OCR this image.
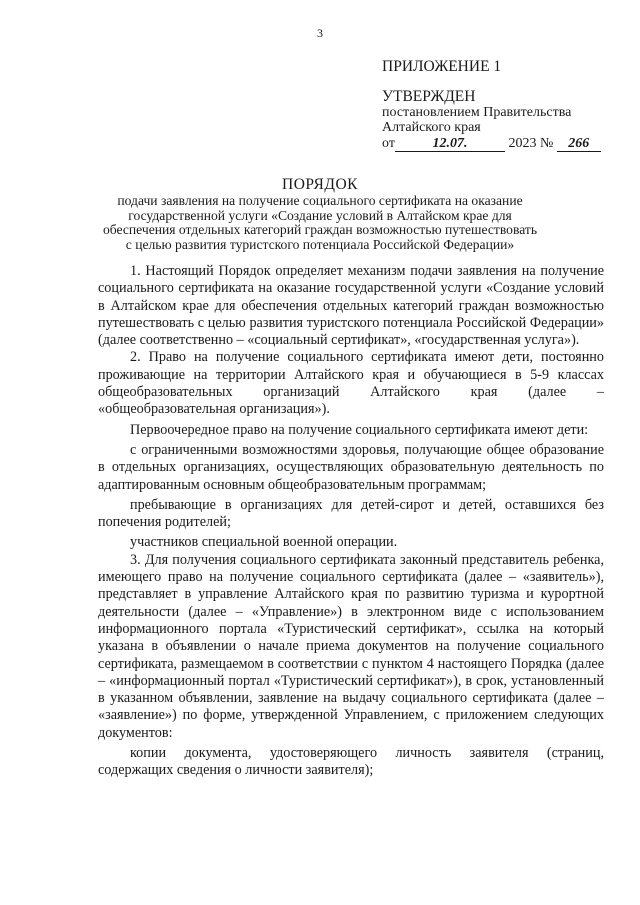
3
ПРИЛОЖЕНИЕ 1
УТВЕРЖДЕН
постановлением Правительства
Алтайского края
от	12.07.	2023 № 266
ПОРЯДОК
подачи заявления на получение социального сертификата на оказание государственной услуги «Создание условий в Алтайском крае для обеспечения отдельных категорий граждан возможностью путешествовать с целью развития туристского потенциала Российской Федерации»

1. Настоящий Порядок определяет механизм подачи заявления на получение социального сертификата на оказание государственной услуги «Создание условий в Алтайском крае для обеспечения отдельных категорий граждан возможностью путешествовать с целью развития туристского потенциала Российской Федерации» (далее соответственно – «социальный сертификат», «государственная услуга»).

2. Право на получение социального сертификата имеют дети, постоянно проживающие на территории Алтайского края и обучающиеся в 5-9 классах общеобразовательных организаций Алтайского края (далее – «общеобразовательная организация»).

Первоочередное право на получение социального сертификата имеют дети:

с ограниченными возможностями здоровья, получающие общее образование в отдельных организациях, осуществляющих образовательную деятельность по адаптированным основным общеобразовательным программам;

пребывающие в организациях для детей-сирот и детей, оставшихся без попечения родителей;

участников специальной военной операции.

3. Для получения социального сертификата законный представитель ребенка, имеющего право на получение социального сертификата (далее – «заявитель»), представляет в управление Алтайского края по развитию туризма и курортной деятельности (далее – «Управление») в электронном виде с использованием информационного портала «Туристический сертификат», ссылка на который указана в объявлении о начале приема документов на получение социального сертификата, размещаемом в соответствии с пунктом 4 настоящего Порядка (далее – «информационный портал «Туристический сертификат»), в срок, установленный в указанном объявлении, заявление на выдачу социального сертификата (далее – «заявление») по форме, утвержденной Управлением, с приложением следующих документов:

копии документа, удостоверяющего личность заявителя (страниц, содержащих сведения о личности заявителя);
